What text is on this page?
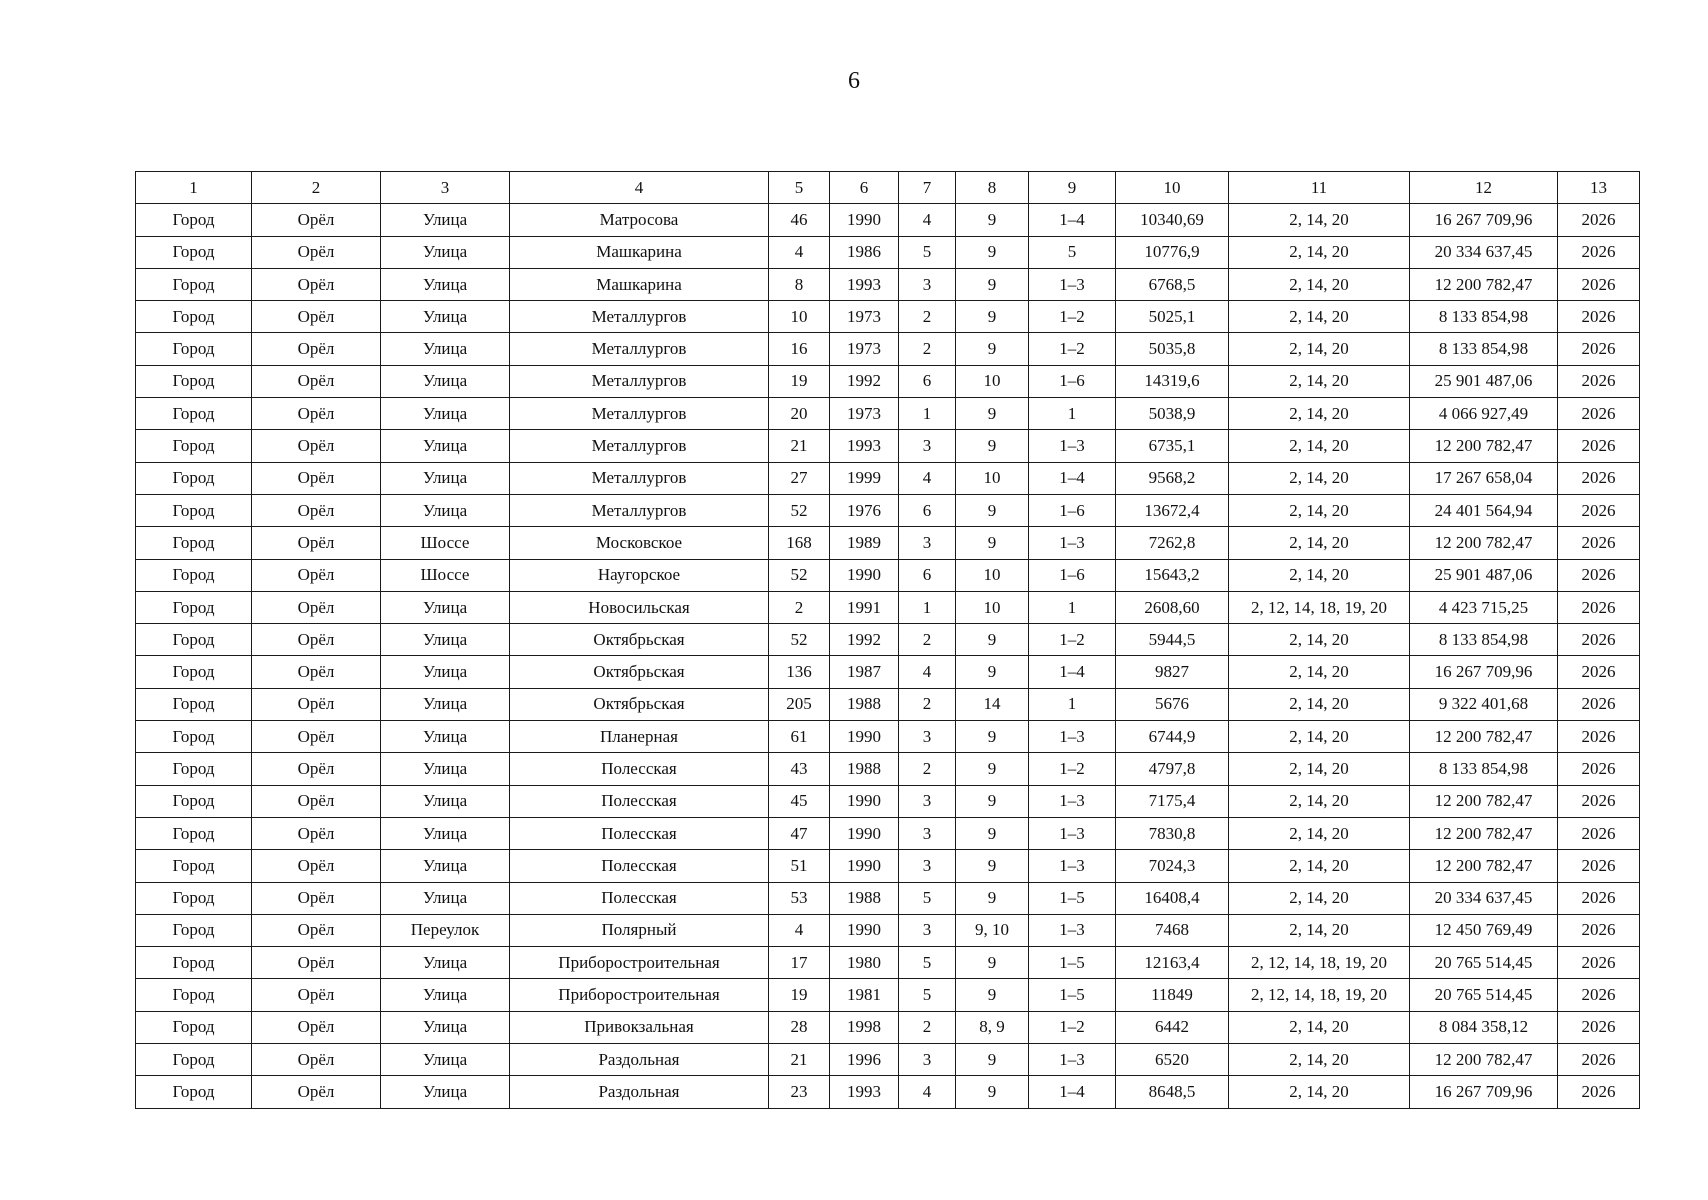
6
1	2	3	4	5	6	7	8	9	10	11	12	13
Город	Орёл	Улица	Матросова	46	1990	4	9	1–4	10340,69	2, 14, 20	16 267 709,96	2026
Город	Орёл	Улица	Машкарина	4	1986	5	9	5	10776,9	2, 14, 20	20 334 637,45	2026
Город	Орёл	Улица	Машкарина	8	1993	3	9	1–3	6768,5	2, 14, 20	12 200 782,47	2026
Город	Орёл	Улица	Металлургов	10	1973	2	9	1–2	5025,1	2, 14, 20	8 133 854,98	2026
Город	Орёл	Улица	Металлургов	16	1973	2	9	1–2	5035,8	2, 14, 20	8 133 854,98	2026
Город	Орёл	Улица	Металлургов	19	1992	6	10	1–6	14319,6	2, 14, 20	25 901 487,06	2026
Город	Орёл	Улица	Металлургов	20	1973	1	9	1	5038,9	2, 14, 20	4 066 927,49	2026
Город	Орёл	Улица	Металлургов	21	1993	3	9	1–3	6735,1	2, 14, 20	12 200 782,47	2026
Город	Орёл	Улица	Металлургов	27	1999	4	10	1–4	9568,2	2, 14, 20	17 267 658,04	2026
Город	Орёл	Улица	Металлургов	52	1976	6	9	1–6	13672,4	2, 14, 20	24 401 564,94	2026
Город	Орёл	Шоссе	Московское	168	1989	3	9	1–3	7262,8	2, 14, 20	12 200 782,47	2026
Город	Орёл	Шоссе	Наугорское	52	1990	6	10	1–6	15643,2	2, 14, 20	25 901 487,06	2026
Город	Орёл	Улица	Новосильская	2	1991	1	10	1	2608,60	2, 12, 14, 18, 19, 20	4 423 715,25	2026
Город	Орёл	Улица	Октябрьская	52	1992	2	9	1–2	5944,5	2, 14, 20	8 133 854,98	2026
Город	Орёл	Улица	Октябрьская	136	1987	4	9	1–4	9827	2, 14, 20	16 267 709,96	2026
Город	Орёл	Улица	Октябрьская	205	1988	2	14	1	5676	2, 14, 20	9 322 401,68	2026
Город	Орёл	Улица	Планерная	61	1990	3	9	1–3	6744,9	2, 14, 20	12 200 782,47	2026
Город	Орёл	Улица	Полесская	43	1988	2	9	1–2	4797,8	2, 14, 20	8 133 854,98	2026
Город	Орёл	Улица	Полесская	45	1990	3	9	1–3	7175,4	2, 14, 20	12 200 782,47	2026
Город	Орёл	Улица	Полесская	47	1990	3	9	1–3	7830,8	2, 14, 20	12 200 782,47	2026
Город	Орёл	Улица	Полесская	51	1990	3	9	1–3	7024,3	2, 14, 20	12 200 782,47	2026
Город	Орёл	Улица	Полесская	53	1988	5	9	1–5	16408,4	2, 14, 20	20 334 637,45	2026
Город	Орёл	Переулок	Полярный	4	1990	3	9, 10	1–3	7468	2, 14, 20	12 450 769,49	2026
Город	Орёл	Улица	Приборостроительная	17	1980	5	9	1–5	12163,4	2, 12, 14, 18, 19, 20	20 765 514,45	2026
Город	Орёл	Улица	Приборостроительная	19	1981	5	9	1–5	11849	2, 12, 14, 18, 19, 20	20 765 514,45	2026
Город	Орёл	Улица	Привокзальная	28	1998	2	8, 9	1–2	6442	2, 14, 20	8 084 358,12	2026
Город	Орёл	Улица	Раздольная	21	1996	3	9	1–3	6520	2, 14, 20	12 200 782,47	2026
Город	Орёл	Улица	Раздольная	23	1993	4	9	1–4	8648,5	2, 14, 20	16 267 709,96	2026
